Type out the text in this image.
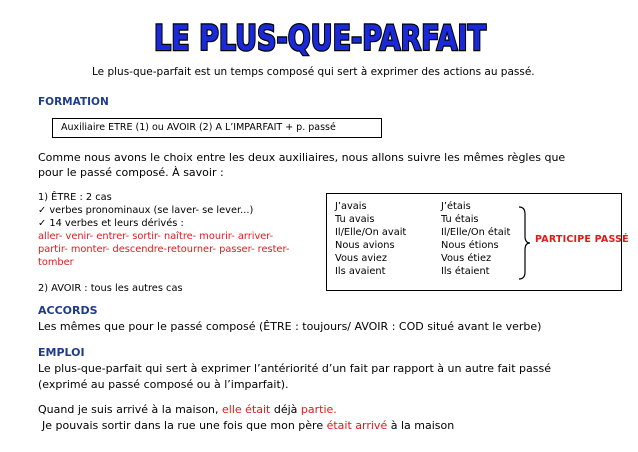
LE PLUS-QUE-PARFAIT
Le plus-que-parfait est un temps composé qui sert à exprimer des actions au passé.
FORMATION
Auxiliaire ETRE (1) ou AVOIR (2) A L’IMPARFAIT + p. passé
Comme nous avons le choix entre les deux auxiliaires, nous allons suivre les mêmes règles que
pour le passé composé. À savoir :
1) ÊTRE : 2 cas
✓ verbes pronominaux (se laver- se lever...)
✓ 14 verbes et leurs dérivés :
aller- venir- entrer- sortir- naître- mourir- arriver-
partir- monter- descendre-retourner- passer- rester-
tomber
2) AVOIR : tous les autres cas
J’avais
Tu avais
Il/Elle/On avait
Nous avions
Vous aviez
Ils avaient
J’étais
Tu étais
Il/Elle/On était
Nous étions
Vous étiez
Ils étaient
PARTICIPE PASSÉ
ACCORDS
Les mêmes que pour le passé composé (ÊTRE : toujours/ AVOIR : COD situé avant le verbe)
EMPLOI
Le plus-que-parfait qui sert à exprimer l’antériorité d’un fait par rapport à un autre fait passé
(exprimé au passé composé ou à l’imparfait).
Quand je suis arrivé à la maison, elle était déjà partie.
Je pouvais sortir dans la rue une fois que mon père était arrivé à la maison
